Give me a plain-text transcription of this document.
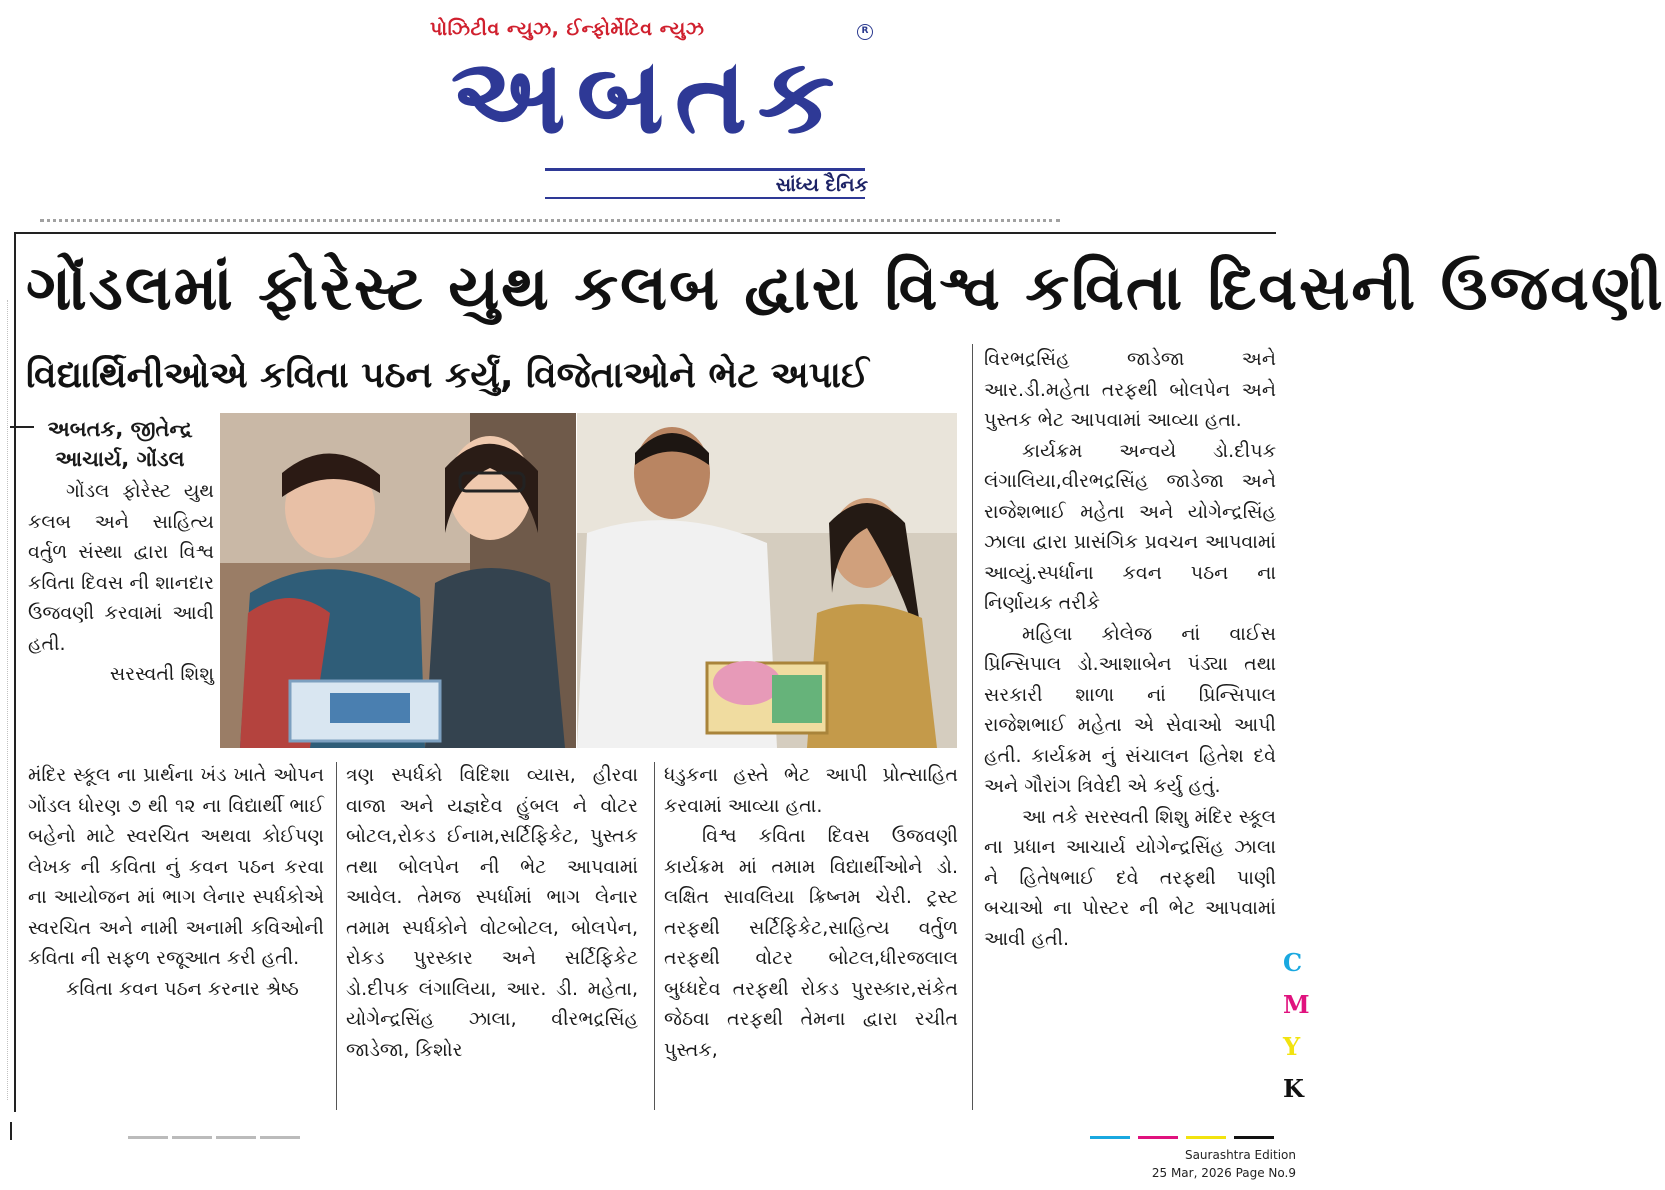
પોઝિટીવ ન્યુઝ, ઈન્ફોર્મેટિવ ન્યુઝ	R
અબતક
સાંધ્ય દૈનિક
ગોંડલમાં ફોરેસ્ટ યુથ કલબ દ્વારા વિશ્વ કવિતા દિવસની ઉજવણી
વિદ્યાર્થિનીઓએ કવિતા પઠન કર્યું, વિજેતાઓને ભેટ અપાઈ
અબતક, જીતેન્દ્ર
આચાર્ય, ગોંડલ

ગોંડલ ફોરેસ્ટ યુથ કલબ અને સાહિત્ય વર્તુળ સંસ્થા દ્વારા વિશ્વ કવિતા દિવસ ની શાનદાર ઉજવણી કરવામાં આવી હતી.

સરસ્વતી શિશુ

મંદિર સ્કૂલ ના પ્રાર્થના ખંડ ખાતે ઓપન ગોંડલ ધોરણ ૭ થી ૧૨ ના વિદ્યાર્થી ભાઈ બહેનો માટે સ્વરચિત અથવા કોઈપણ લેખક ની કવિતા નું કવન પઠન કરવા ના આયોજન માં ભાગ લેનાર સ્પર્ધકોએ સ્વરચિત અને નામી અનામી કવિઓની કવિતા ની સફળ રજૂઆત કરી હતી.

કવિતા કવન પઠન કરનાર શ્રેષ્ઠ

ત્રણ સ્પર્ધકો વિદિશા વ્યાસ, હીરવા વાજા અને યજ્ઞદેવ હુંબલ ને વોટર બોટલ,રોકડ ઈનામ,સર્ટિફિકેટ, પુસ્તક તથા બોલપેન ની ભેટ આપવામાં આવેલ. તેમજ સ્પર્ધામાં ભાગ લેનાર તમામ સ્પર્ધકોને વોટબોટલ, બોલપેન, રોકડ પુરસ્કાર અને સર્ટિફિકેટ ડો.દીપક લંગાલિયા, આર. ડી. મહેતા, યોગેન્દ્રસિંહ ઝાલા, વીરભદ્રસિંહ જાડેજા, કિશોર

ધડુકના હસ્તે ભેટ આપી પ્રોત્સાહિત કરવામાં આવ્યા હતા.

વિશ્વ કવિતા દિવસ ઉજવણી કાર્યક્રમ માં તમામ વિદ્યાર્થીઓને ડો. લક્ષિત સાવલિયા ક્રિષ્નમ ચેરી. ટ્રસ્ટ તરફથી સર્ટિફિકેટ,સાહિત્ય વર્તુળ તરફથી વોટર બોટલ,ધીરજલાલ બુધ્ધદેવ તરફથી રોકડ પુરસ્કાર,સંકેત જેઠવા તરફથી તેમના દ્વારા રચીત પુસ્તક,

વિરભદ્રસિંહ જાડેજા અને આર.ડી.મહેતા તરફથી બોલપેન અને પુસ્તક ભેટ આપવામાં આવ્યા હતા.

કાર્યક્રમ અન્વયે ડો.દીપક લંગાલિયા,વીરભદ્રસિંહ જાડેજા અને રાજેશભાઈ મહેતા અને યોગેન્દ્રસિંહ ઝાલા દ્વારા પ્રાસંગિક પ્રવચન આપવામાં આવ્યું.સ્પર્ધાના કવન પઠન ના નિર્ણાયક તરીકે

મહિલા કોલેજ નાં વાઈસ પ્રિન્સિપાલ ડો.આશાબેન પંડ્યા તથા સરકારી શાળા નાં પ્રિન્સિપાલ રાજેશભાઈ મહેતા એ સેવાઓ આપી હતી. કાર્યક્રમ નું સંચાલન હિતેશ દવે અને ગૌરાંગ ત્રિવેદી એ કર્યુ હતું.

આ તકે સરસ્વતી શિશુ મંદિર સ્કૂલ ના પ્રધાન આચાર્ય યોગેન્દ્રસિંહ ઝાલા ને હિતેષભાઈ દવે તરફથી પાણી બચાઓ ના પોસ્ટર ની ભેટ આપવામાં આવી હતી.

C
M
Y
K
Saurashtra Edition
25 Mar, 2026 Page No.9
